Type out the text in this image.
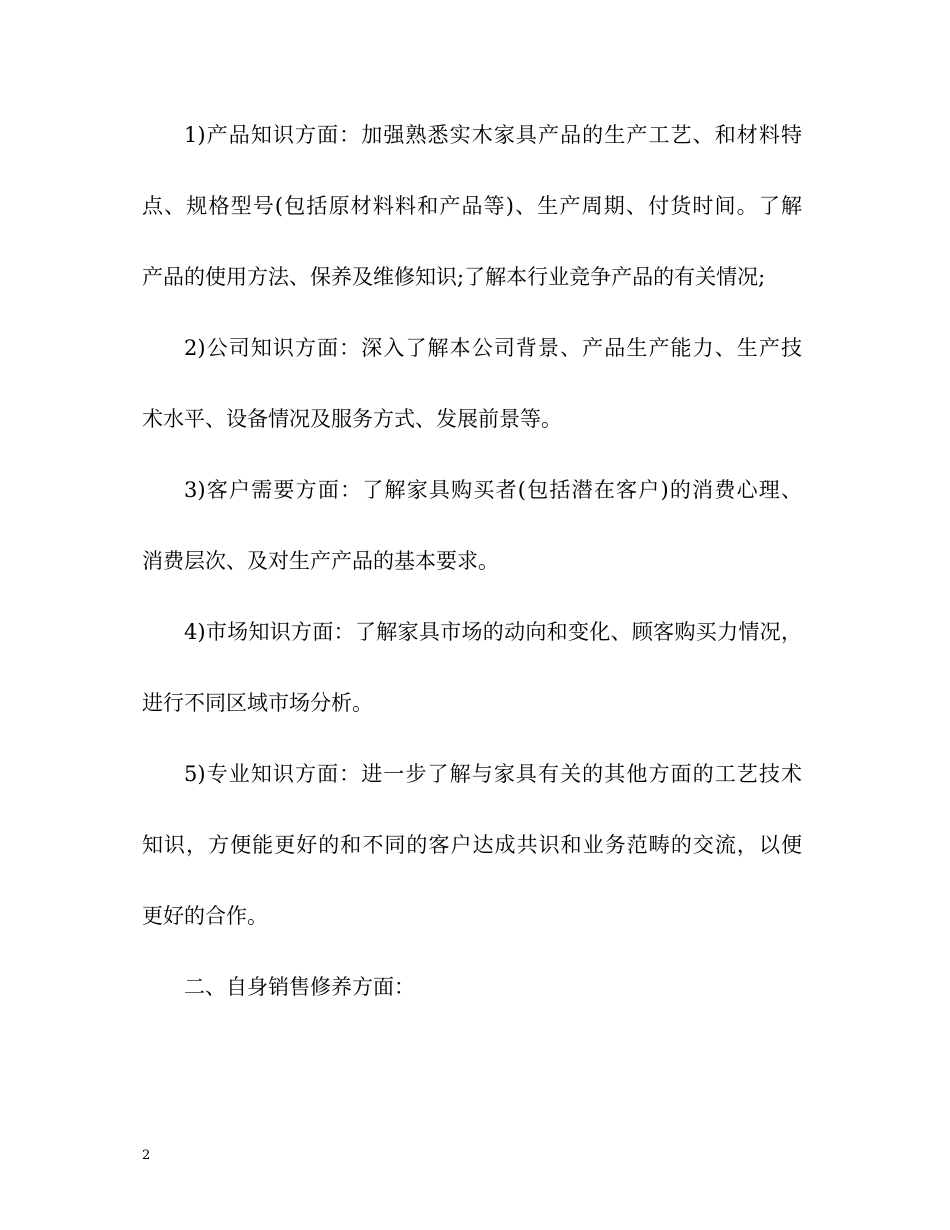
1)产品知识方面：加强熟悉实木家具产品的生产工艺、和材料特
点、规格型号(包括原材料料和产品等)、生产周期、付货时间。了解
产品的使用方法、保养及维修知识;了解本行业竞争产品的有关情况;
2)公司知识方面：深入了解本公司背景、产品生产能力、生产技
术水平、设备情况及服务方式、发展前景等。
3)客户需要方面：了解家具购买者(包括潜在客户)的消费心理、
消费层次、及对生产产品的基本要求。
4)市场知识方面：了解家具市场的动向和变化、顾客购买力情况，
进行不同区域市场分析。
5)专业知识方面：进一步了解与家具有关的其他方面的工艺技术
知识，方便能更好的和不同的客户达成共识和业务范畴的交流，以便
更好的合作。
二、自身销售修养方面：
2
